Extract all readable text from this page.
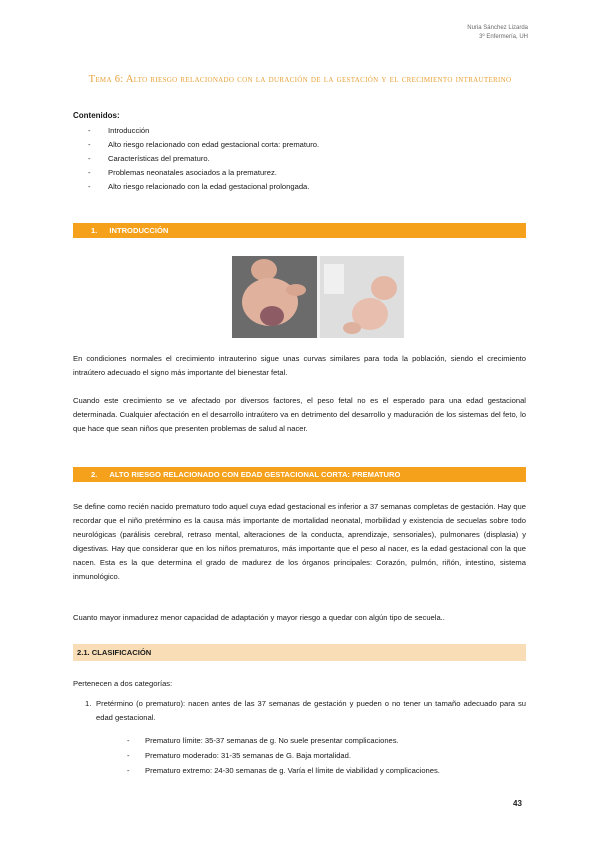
Nuria Sánchez Lizarda
3º Enfermería, UH
Tema 6: Alto riesgo relacionado con la duración de la gestación y el crecimiento intrauterino
Contenidos:
-	Introducción
-	Alto riesgo relacionado con edad gestacional corta: prematuro.
-	Características del prematuro.
-	Problemas neonatales asociados a la prematurez.
-	Alto riesgo relacionado con la edad gestacional prolongada.
1. INTRODUCCIÓN

En condiciones normales el crecimiento intrauterino sigue unas curvas similares para toda la población, siendo el crecimiento intraútero adecuado el signo más importante del bienestar fetal.

Cuando este crecimiento se ve afectado por diversos factores, el peso fetal no es el esperado para una edad gestacional determinada. Cualquier afectación en el desarrollo intraútero va en detrimento del desarrollo y maduración de los sistemas del feto, lo que hace que sean niños que presenten problemas de salud al nacer.

2. ALTO RIESGO RELACIONADO CON EDAD GESTACIONAL CORTA: PREMATURO

Se define como recién nacido prematuro todo aquel cuya edad gestacional es inferior a 37 semanas completas de gestación. Hay que recordar que el niño pretérmino es la causa más importante de mortalidad neonatal, morbilidad y existencia de secuelas sobre todo neurológicas (parálisis cerebral, retraso mental, alteraciones de la conducta, aprendizaje, sensoriales), pulmonares (displasia) y digestivas. Hay que considerar que en los niños prematuros, más importante que el peso al nacer, es la edad gestacional con la que nacen. Esta es la que determina el grado de madurez de los órganos principales: Corazón, pulmón, riñón, intestino, sistema inmunológico.

Cuanto mayor inmadurez menor capacidad de adaptación y mayor riesgo a quedar con algún tipo de secuela..

2.1. CLASIFICACIÓN

Pertenecen a dos categorías:

1. Pretérmino (o prematuro): nacen antes de las 37 semanas de gestación y pueden o no tener un tamaño adecuado para su edad gestacional.
-	Prematuro límite: 35-37 semanas de g. No suele presentar complicaciones.
-	Prematuro moderado: 31-35 semanas de G. Baja mortalidad.
-	Prematuro extremo: 24-30 semanas de g. Varía el límite de viabilidad y complicaciones.
43
